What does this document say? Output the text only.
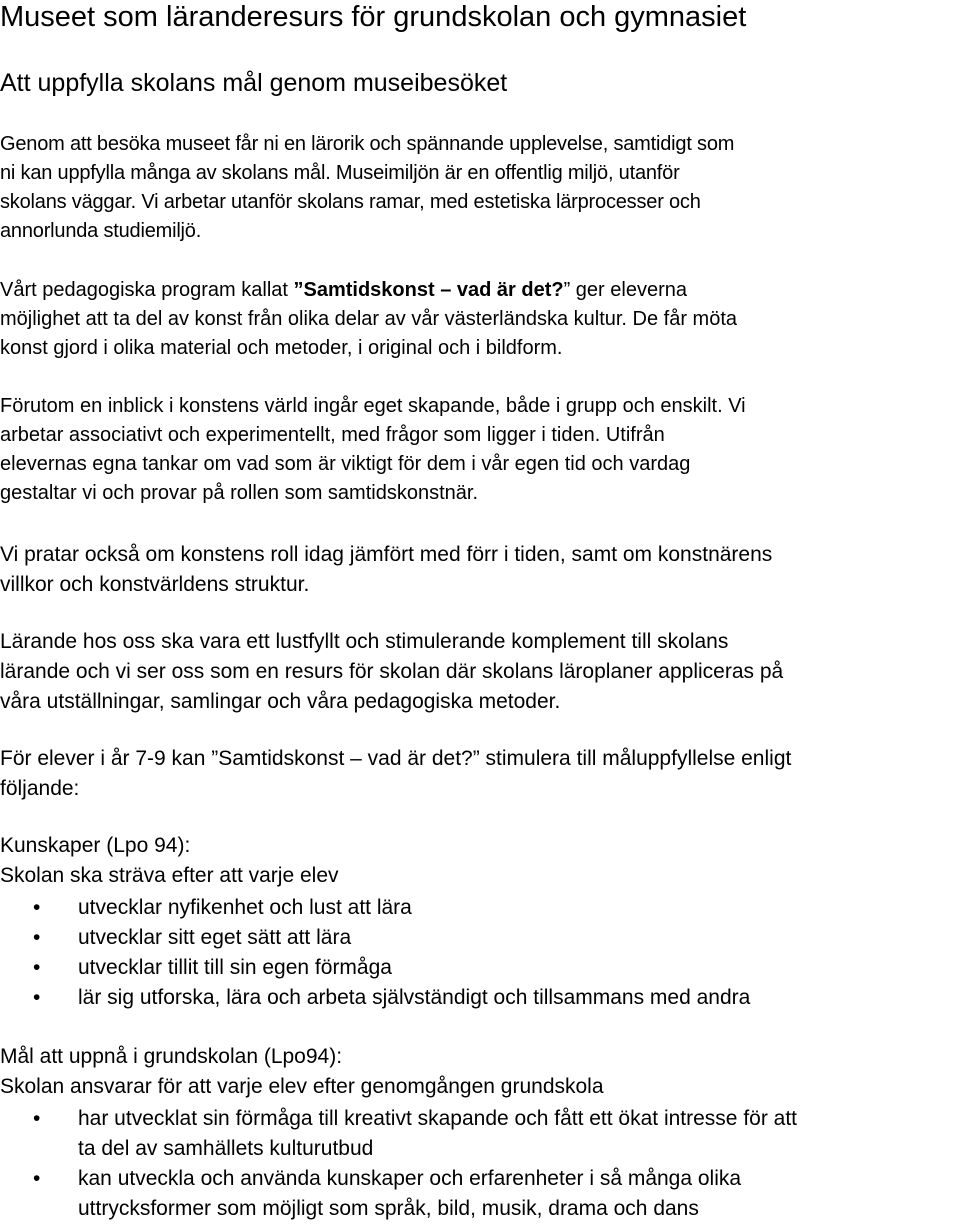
Museet som läranderesurs för grundskolan och gymnasiet
Att uppfylla skolans mål genom museibesöket

Genom att besöka museet får ni en lärorik och spännande upplevelse, samtidigt som
ni kan uppfylla många av skolans mål. Museimiljön är en offentlig miljö, utanför
skolans väggar. Vi arbetar utanför skolans ramar, med estetiska lärprocesser och
annorlunda studiemiljö.

Vårt pedagogiska program kallat ”Samtidskonst – vad är det?” ger eleverna
möjlighet att ta del av konst från olika delar av vår västerländska kultur. De får möta
konst gjord i olika material och metoder, i original och i bildform.

Förutom en inblick i konstens värld ingår eget skapande, både i grupp och enskilt. Vi
arbetar associativt och experimentellt, med frågor som ligger i tiden. Utifrån
elevernas egna tankar om vad som är viktigt för dem i vår egen tid och vardag
gestaltar vi och provar på rollen som samtidskonstnär.

Vi pratar också om konstens roll idag jämfört med förr i tiden, samt om konstnärens
villkor och konstvärldens struktur.

Lärande hos oss ska vara ett lustfyllt och stimulerande komplement till skolans
lärande och vi ser oss som en resurs för skolan där skolans läroplaner appliceras på
våra utställningar, samlingar och våra pedagogiska metoder.

För elever i år 7-9 kan ”Samtidskonst – vad är det?” stimulera till måluppfyllelse enligt
följande:

Kunskaper (Lpo 94):
Skolan ska sträva efter att varje elev

• utvecklar nyfikenhet och lust att lära
• utvecklar sitt eget sätt att lära
• utvecklar tillit till sin egen förmåga
• lär sig utforska, lära och arbeta självständigt och tillsammans med andra

Mål att uppnå i grundskolan (Lpo94):
Skolan ansvarar för att varje elev efter genomgången grundskola

• har utvecklat sin förmåga till kreativt skapande och fått ett ökat intresse för att
ta del av samhällets kulturutbud
• kan utveckla och använda kunskaper och erfarenheter i så många olika
uttrycksformer som möjligt som språk, bild, musik, drama och dans
